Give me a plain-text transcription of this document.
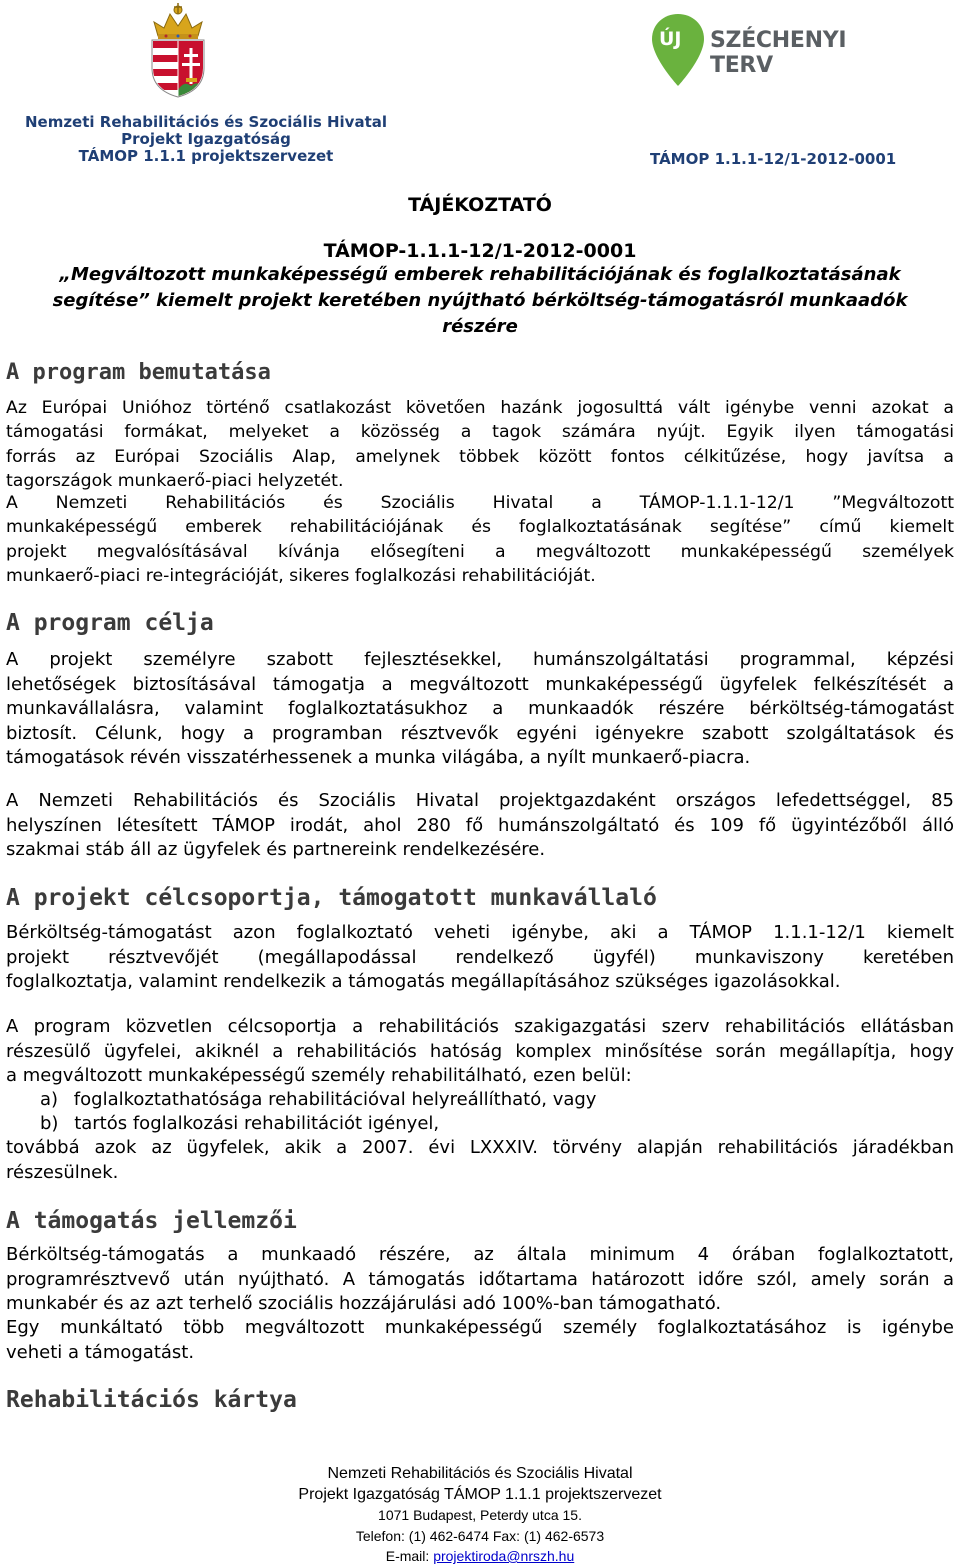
ÚJ SZÉCHENYI TERV
Nemzeti Rehabilitációs és Szociális Hivatal
Projekt Igazgatóság
TÁMOP 1.1.1 projektszervezet	TÁMOP 1.1.1-12/1-2012-0001
TÁJÉKOZTATÓ
TÁMOP-1.1.1-12/1-2012-0001
„Megváltozott munkaképességű emberek rehabilitációjának és foglalkoztatásának
segítése” kiemelt projekt keretében nyújtható bérköltség-támogatásról munkaadók
részére
A program bemutatása
Az Európai Unióhoz történő csatlakozást követően hazánk jogosulttá vált igénybe venni azokat a
támogatási formákat, melyeket a közösség a tagok számára nyújt. Egyik ilyen támogatási
forrás az Európai Szociális Alap, amelynek többek között fontos célkitűzése, hogy javítsa a
tagországok munkaerő-piaci helyzetét.
A Nemzeti Rehabilitációs és Szociális Hivatal a TÁMOP-1.1.1-12/1 ”Megváltozott
munkaképességű emberek rehabilitációjának és foglalkoztatásának segítése” című kiemelt
projekt megvalósításával kívánja elősegíteni a megváltozott munkaképességű személyek
munkaerő-piaci re-integrációját, sikeres foglalkozási rehabilitációját.
A program célja
A projekt személyre szabott fejlesztésekkel, humánszolgáltatási programmal, képzési
lehetőségek biztosításával támogatja a megváltozott munkaképességű ügyfelek felkészítését a
munkavállalásra, valamint foglalkoztatásukhoz a munkaadók részére bérköltség-támogatást
biztosít. Célunk, hogy a programban résztvevők egyéni igényekre szabott szolgáltatások és
támogatások révén visszatérhessenek a munka világába, a nyílt munkaerő-piacra.
A Nemzeti Rehabilitációs és Szociális Hivatal projektgazdaként országos lefedettséggel, 85
helyszínen létesített TÁMOP irodát, ahol 280 fő humánszolgáltató és 109 fő ügyintézőből álló
szakmai stáb áll az ügyfelek és partnereink rendelkezésére.
A projekt célcsoportja, támogatott munkavállaló
Bérköltség-támogatást azon foglalkoztató veheti igénybe, aki a TÁMOP 1.1.1-12/1 kiemelt
projekt résztvevőjét (megállapodással rendelkező ügyfél) munkaviszony keretében
foglalkoztatja, valamint rendelkezik a támogatás megállapításához szükséges igazolásokkal.
A program közvetlen célcsoportja a rehabilitációs szakigazgatási szerv rehabilitációs ellátásban
részesülő ügyfelei, akiknél a rehabilitációs hatóság komplex minősítése során megállapítja, hogy
a megváltozott munkaképességű személy rehabilitálható, ezen belül:
a) foglalkoztathatósága rehabilitációval helyreállítható, vagy
b) tartós foglalkozási rehabilitációt igényel,
továbbá azok az ügyfelek, akik a 2007. évi LXXXIV. törvény alapján rehabilitációs járadékban
részesülnek.
A támogatás jellemzői
Bérköltség-támogatás a munkaadó részére, az általa minimum 4 órában foglalkoztatott,
programrésztvevő után nyújtható. A támogatás időtartama határozott időre szól, amely során a
munkabér és az azt terhelő szociális hozzájárulási adó 100%-ban támogatható.
Egy munkáltató több megváltozott munkaképességű személy foglalkoztatásához is igénybe
veheti a támogatást.
Rehabilitációs kártya
Nemzeti Rehabilitációs és Szociális Hivatal
Projekt Igazgatóság TÁMOP 1.1.1 projektszervezet
1071 Budapest, Peterdy utca 15.
Telefon: (1) 462-6474 Fax: (1) 462-6573
E-mail: projektiroda@nrszh.hu
